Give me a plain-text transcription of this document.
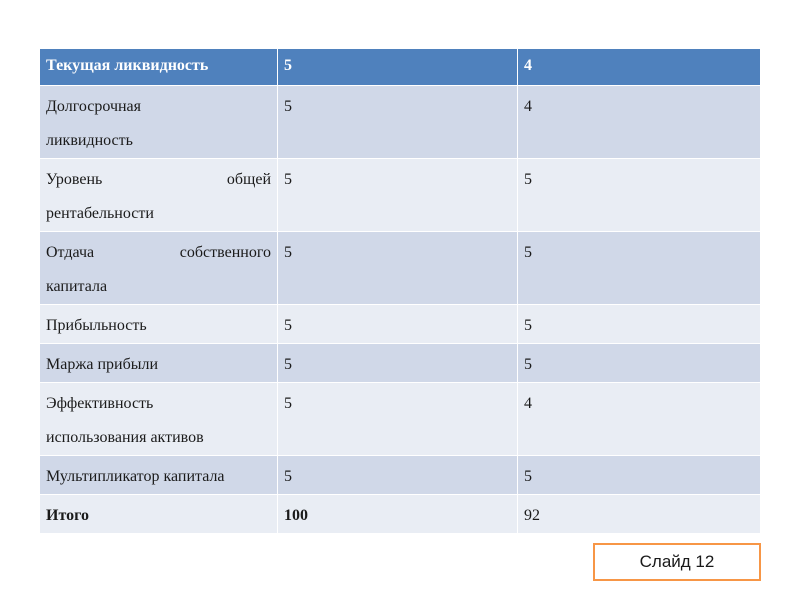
Текущая ликвидность	5	4
Долгосрочная
ликвидность	5	4

Уровень общей
рентабельности	5	5

Отдача собственного
капитала	5	5
Прибыльность	5	5
Маржа прибыли	5	5
Эффективность
использования активов	5	4
Мультипликатор капитала	5	5
Итого	100	92
Слайд 12
